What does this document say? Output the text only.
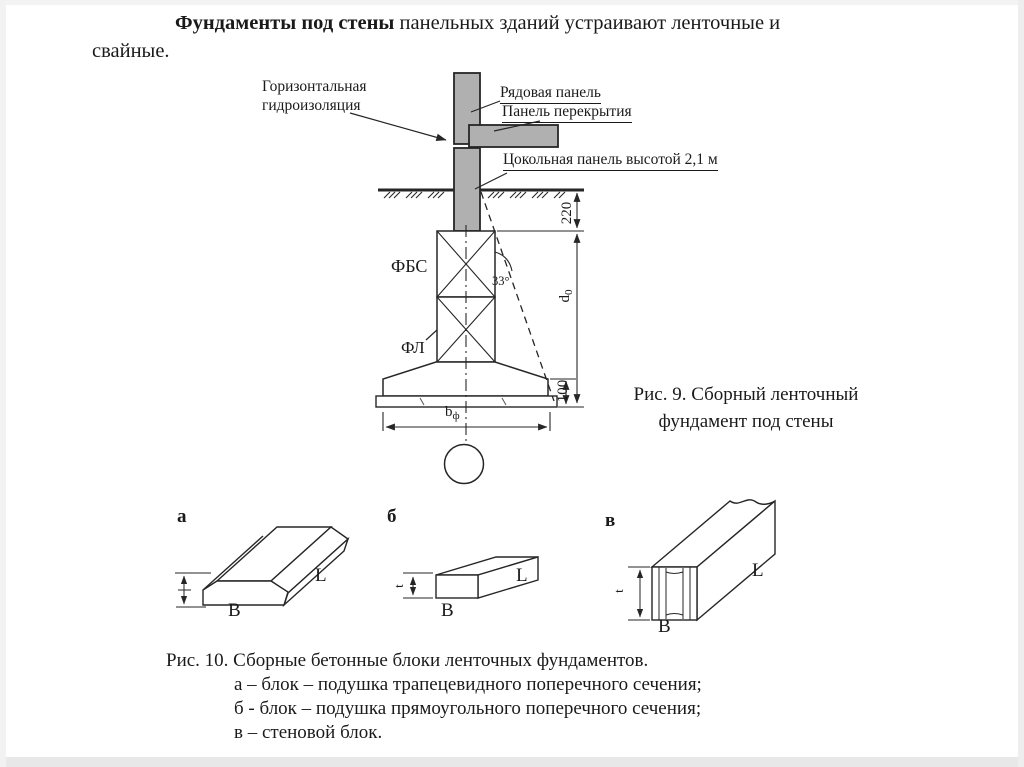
Фундаменты под стены панельных зданий устраивают ленточные и
свайные.
Горизонтальная
гидроизоляция
Рядовая панель
Панель перекрытия
Цокольная панель высотой 2,1 м
ФБС
ФЛ
220
$d_0$
100
33°
$b_ф$
Рис. 9. Сборный ленточный
фундамент под стены
а	б	в
L
B
L
B
L
B
t
t
Рис. 10. Сборные бетонные блоки ленточных фундаментов.
а – блок – подушка трапецевидного поперечного сечения;
б - блок – подушка прямоугольного поперечного сечения;
в – стеновой блок.
